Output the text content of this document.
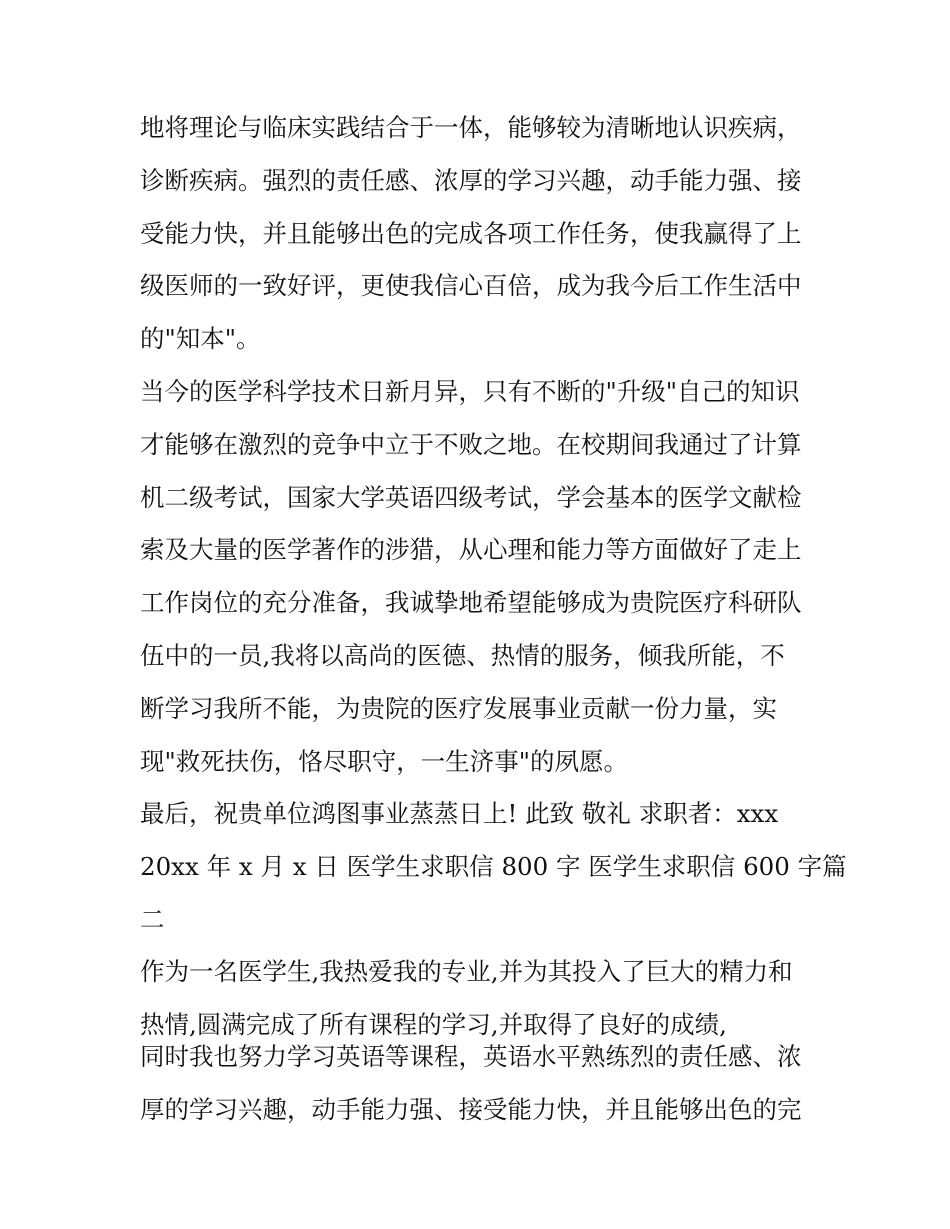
地将理论与临床实践结合于一体，能够较为清晰地认识疾病，
诊断疾病。强烈的责任感、浓厚的学习兴趣，动手能力强、接
受能力快，并且能够出色的完成各项工作任务，使我赢得了上
级医师的一致好评，更使我信心百倍，成为我今后工作生活中
的"知本"。
当今的医学科学技术日新月异，只有不断的"升级"自己的知识
才能够在激烈的竞争中立于不败之地。在校期间我通过了计算
机二级考试，国家大学英语四级考试，学会基本的医学文献检
索及大量的医学著作的涉猎，从心理和能力等方面做好了走上
工作岗位的充分准备，我诚挚地希望能够成为贵院医疗科研队
伍中的一员,我将以高尚的医德、热情的服务，倾我所能，不
断学习我所不能，为贵院的医疗发展事业贡献一份力量，实
现"救死扶伤，恪尽职守，一生济事"的夙愿。
最后，祝贵单位鸿图事业蒸蒸日上! 此致 敬礼 求职者：xxx
20xx 年 x 月 x 日 医学生求职信 800 字 医学生求职信 600 字篇
二
作为一名医学生,我热爱我的专业,并为其投入了巨大的精力和
热情,圆满完成了所有课程的学习,并取得了良好的成绩,
同时我也努力学习英语等课程，英语水平熟练烈的责任感、浓
厚的学习兴趣，动手能力强、接受能力快，并且能够出色的完
